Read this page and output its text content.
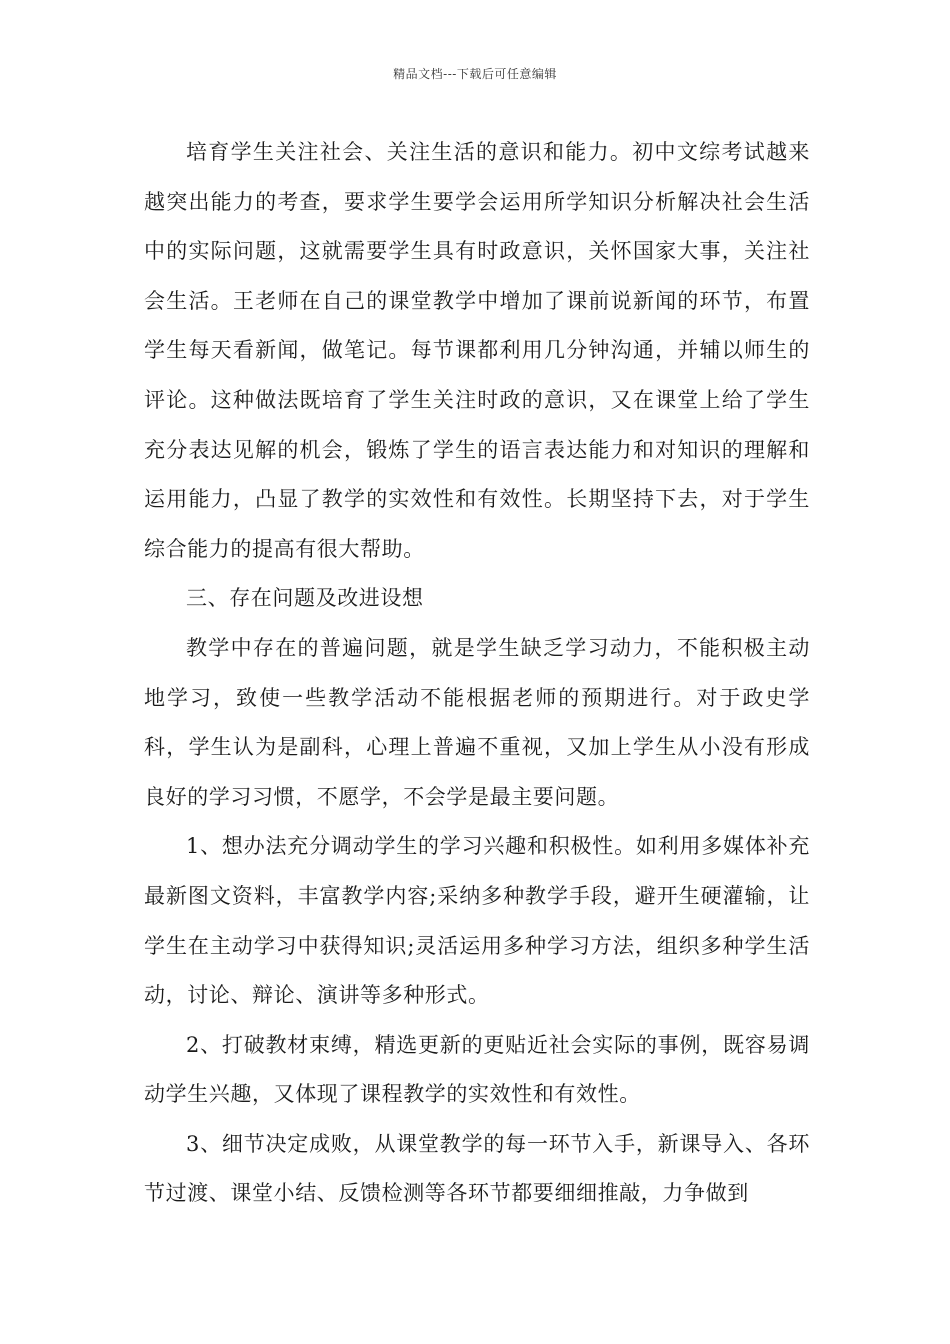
精品文档---下载后可任意编辑

培育学生关注社会、关注生活的意识和能力。初中文综考试越来越突出能力的考查，要求学生要学会运用所学知识分析解决社会生活中的实际问题，这就需要学生具有时政意识，关怀国家大事，关注社会生活。王老师在自己的课堂教学中增加了课前说新闻的环节，布置学生每天看新闻，做笔记。每节课都利用几分钟沟通，并辅以师生的评论。这种做法既培育了学生关注时政的意识，又在课堂上给了学生充分表达见解的机会，锻炼了学生的语言表达能力和对知识的理解和运用能力，凸显了教学的实效性和有效性。长期坚持下去，对于学生综合能力的提高有很大帮助。

三、存在问题及改进设想

教学中存在的普遍问题，就是学生缺乏学习动力，不能积极主动地学习，致使一些教学活动不能根据老师的预期进行。对于政史学科，学生认为是副科，心理上普遍不重视，又加上学生从小没有形成良好的学习习惯，不愿学，不会学是最主要问题。

1、想办法充分调动学生的学习兴趣和积极性。如利用多媒体补充最新图文资料，丰富教学内容;采纳多种教学手段，避开生硬灌输，让学生在主动学习中获得知识;灵活运用多种学习方法，组织多种学生活动，讨论、辩论、演讲等多种形式。

2、打破教材束缚，精选更新的更贴近社会实际的事例，既容易调动学生兴趣，又体现了课程教学的实效性和有效性。

3、细节决定成败，从课堂教学的每一环节入手，新课导入、各环节过渡、课堂小结、反馈检测等各环节都要细细推敲，力争做到
